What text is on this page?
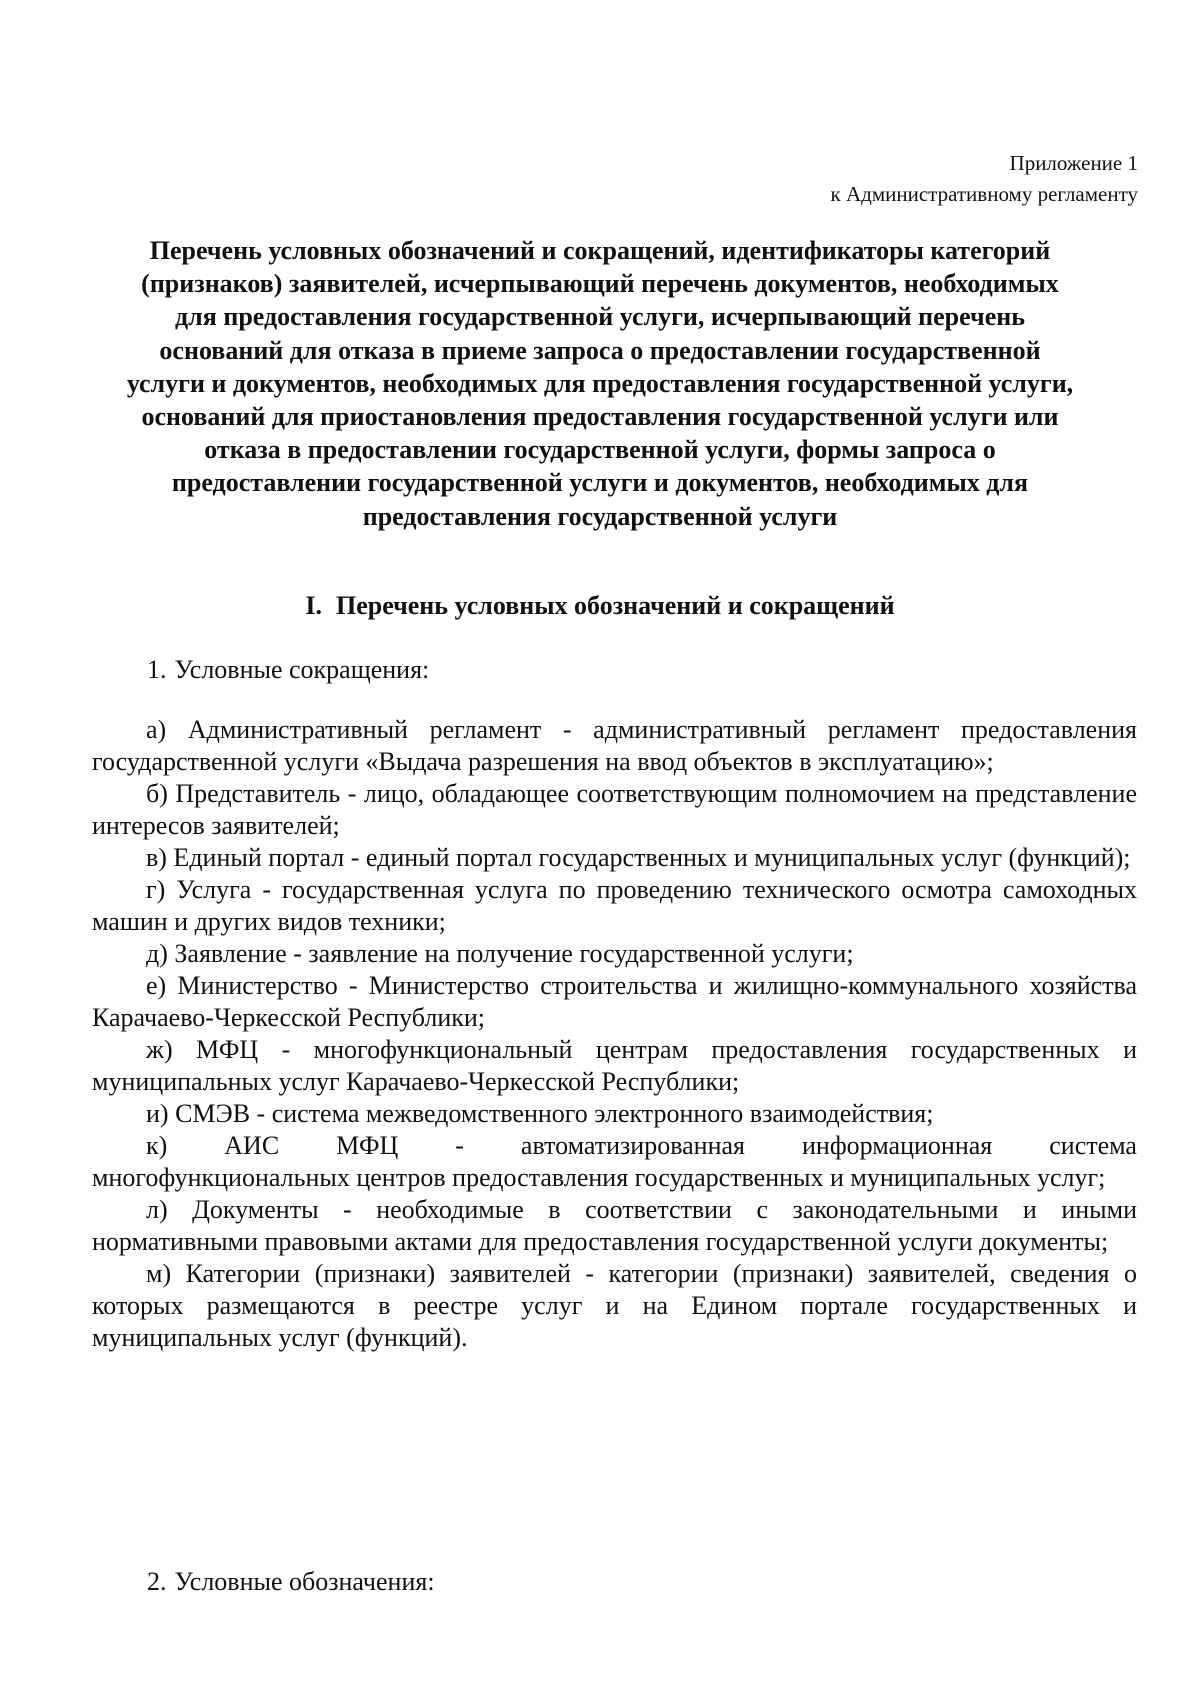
Приложение 1
к Административному регламенту
Перечень условных обозначений и сокращений, идентификаторы категорий
(признаков) заявителей, исчерпывающий перечень документов, необходимых
для предоставления государственной услуги, исчерпывающий перечень
оснований для отказа в приеме запроса о предоставлении государственной
услуги и документов, необходимых для предоставления государственной услуги,
оснований для приостановления предоставления государственной услуги или
отказа в предоставлении государственной услуги, формы запроса о
предоставлении государственной услуги и документов, необходимых для
предоставления государственной услуги
I. Перечень условных обозначений и сокращений
1. Условные сокращения:

а) Административный регламент - административный регламент предоставления государственной услуги «Выдача разрешения на ввод объектов в эксплуатацию»;

б) Представитель - лицо, обладающее соответствующим полномочием на представление интересов заявителей;

в) Единый портал - единый портал государственных и муниципальных услуг (функций);

г) Услуга - государственная услуга по проведению технического осмотра самоходных машин и других видов техники;

д) Заявление - заявление на получение государственной услуги;

е) Министерство - Министерство строительства и жилищно-коммунального хозяйства Карачаево-Черкесской Республики;

ж) МФЦ - многофункциональный центрам предоставления государственных и муниципальных услуг Карачаево-Черкесской Республики;

и) СМЭВ - система межведомственного электронного взаимодействия;

к) АИС МФЦ - автоматизированная информационная система
многофункциональных центров предоставления государственных и муниципальных услуг;

л) Документы - необходимые в соответствии с законодательными и иными нормативными правовыми актами для предоставления государственной услуги документы;

м) Категории (признаки) заявителей - категории (признаки) заявителей, сведения о которых размещаются в реестре услуг и на Едином портале государственных и муниципальных услуг (функций).

2. Условные обозначения:
